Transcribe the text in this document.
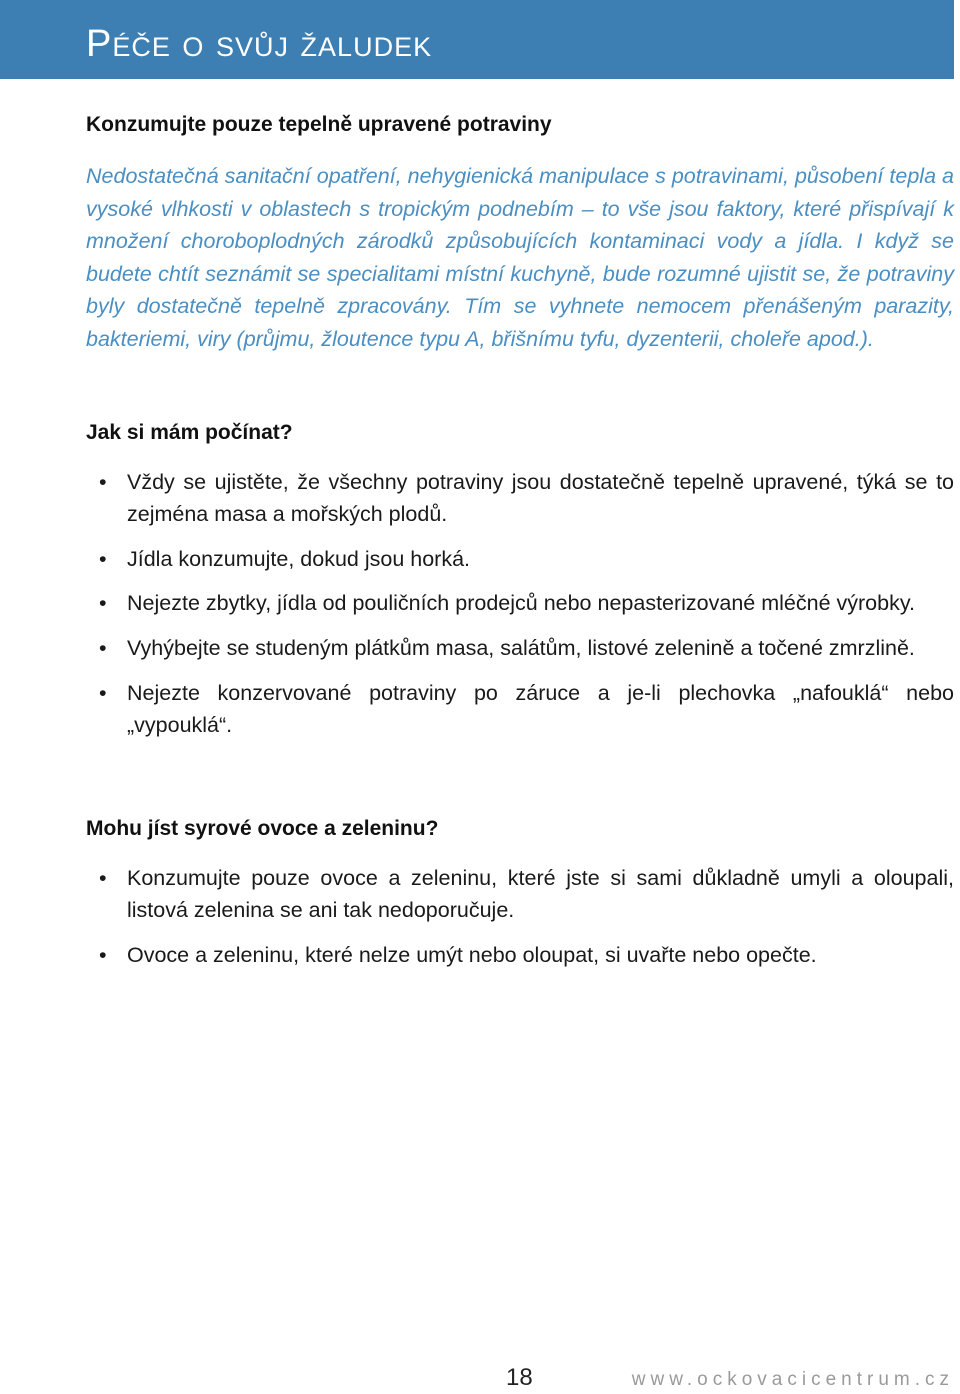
Péče o svůj žaludek
Konzumujte pouze tepelně upravené potraviny

Nedostatečná sanitační opatření, nehygienická manipulace s potravinami, působení tepla a vysoké vlhkosti v oblastech s tropickým podnebím – to vše jsou faktory, které přispívají k množení choroboplodných zárodků způsobujících kontaminaci vody a jídla. I když se budete chtít seznámit se specialitami místní kuchyně, bude rozumné ujistit se, že potraviny byly dostatečně tepelně zpracovány. Tím se vyhnete nemocem přenášeným parazity, bakteriemi, viry (průjmu, žloutence typu A, břišnímu tyfu, dyzenterii, choleře apod.).

Jak si mám počínat?
• Vždy se ujistěte, že všechny potraviny jsou dostatečně tepelně upravené, týká se to zejména masa a mořských plodů.
• Jídla konzumujte, dokud jsou horká.
• Nejezte zbytky, jídla od pouličních prodejců nebo nepasterizované mléčné výrobky.
• Vyhýbejte se studeným plátkům masa, salátům, listové zelenině a točené zmrzlině.
• Nejezte konzervované potraviny po záruce a je-li plechovka „nafouklá“ nebo „vypouklá“.
Mohu jíst syrové ovoce a zeleninu?
• Konzumujte pouze ovoce a zeleninu, které jste si sami důkladně umyli a oloupali, listová zelenina se ani tak nedoporučuje.
• Ovoce a zeleninu, které nelze umýt nebo oloupat, si uvařte nebo opečte.
18	www.ockovacicentrum.cz
